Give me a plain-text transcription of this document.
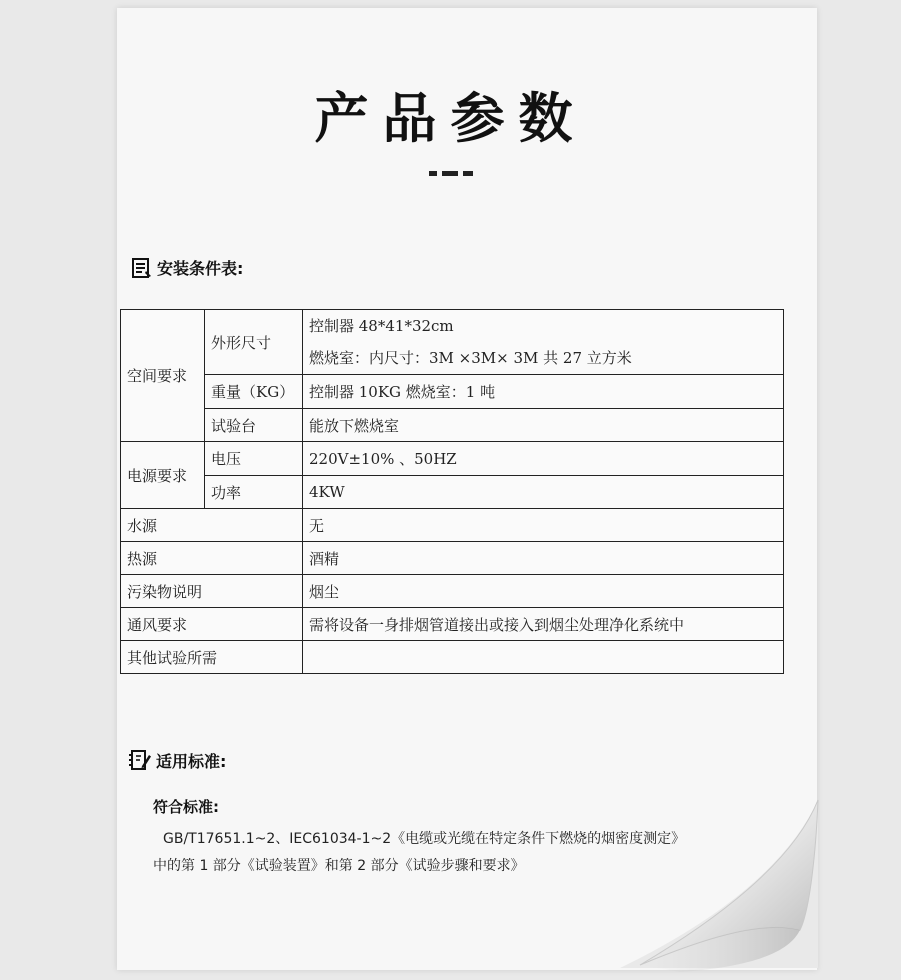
产品参数
安装条件表:
空间要求	外形尺寸	控制器 48*41*32cm
燃烧室：内尺寸：3M ×3M× 3M 共 27 立方米

	重量（KG）	控制器 10KG 燃烧室：1 吨
	试验台	能放下燃烧室
电源要求	电压	220V±10% 、50HZ
	功率	4KW
水源		无
热源		酒精
污染物说明		烟尘
通风要求		需将设备一身排烟管道接出或接入到烟尘处理净化系统中
其他试验所需		
适用标准:
符合标准:
GB/T17651.1~2、IEC61034-1~2《电缆或光缆在特定条件下燃烧的烟密度测定》
中的第 1 部分《试验装置》和第 2 部分《试验步骤和要求》
